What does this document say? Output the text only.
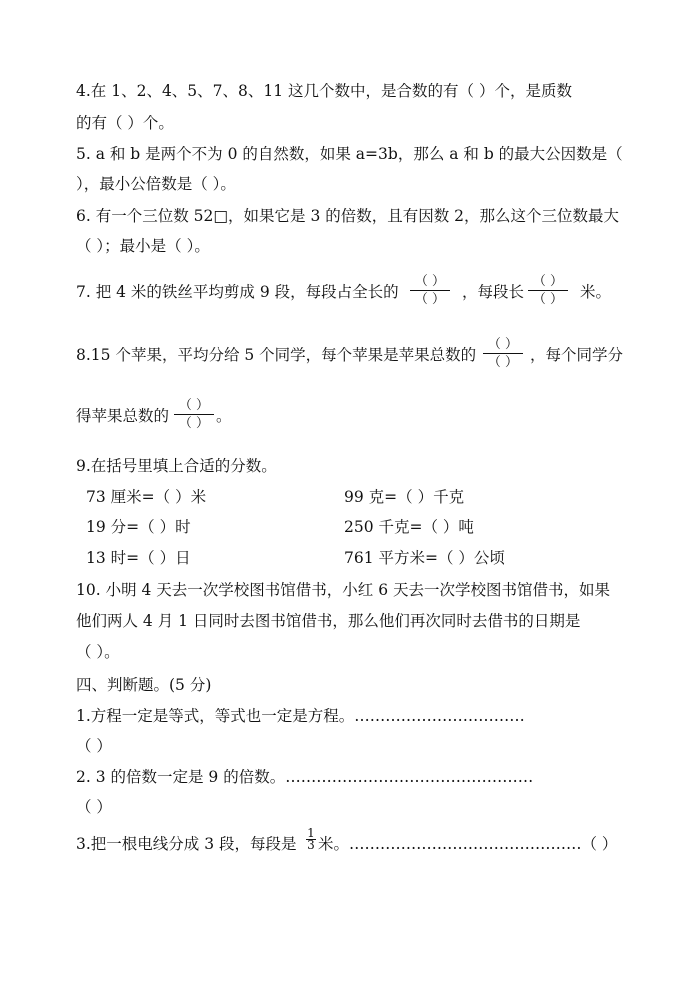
4.在 1、2、4、5、7、8、11 这几个数中，是合数的有（ ）个，是质数
的有（ ）个。
5. a 和 b 是两个不为 0 的自然数，如果 a=3b，那么 a 和 b 的最大公因数是（
），最小公倍数是（ ）。
6. 有一个三位数 52□，如果它是 3 的倍数，且有因数 2，那么这个三位数最大
（ ）；最小是（ ）。
7. 把 4 米的铁丝平均剪成 9 段，每段占全长的
（ ）
（ ）	，每段长
（ ）
（ ）	米。
8.15 个苹果，平均分给 5 个同学，每个苹果是苹果总数的
（ ）
（ ） ，每个同学分
得苹果总数的
（ ）
（ ） 。
9.在括号里填上合适的分数。
73 厘米=（ ）米	99 克=（ ）千克
19 分=（ ）时	250 千克=（ ）吨
13 时=（ ）日	761 平方米=（ ）公顷
10. 小明 4 天去一次学校图书馆借书，小红 6 天去一次学校图书馆借书，如果
他们两人 4 月 1 日同时去图书馆借书，那么他们再次同时去借书的日期是
（ ）。
四、判断题。(5 分)
1.方程一定是等式，等式也一定是方程。……………………………
（ ）
2. 3 的倍数一定是 9 的倍数。…………………………………………
（ ）
3.把一根电线分成 3 段，每段是
1
3 米。………………………………………（ ）
